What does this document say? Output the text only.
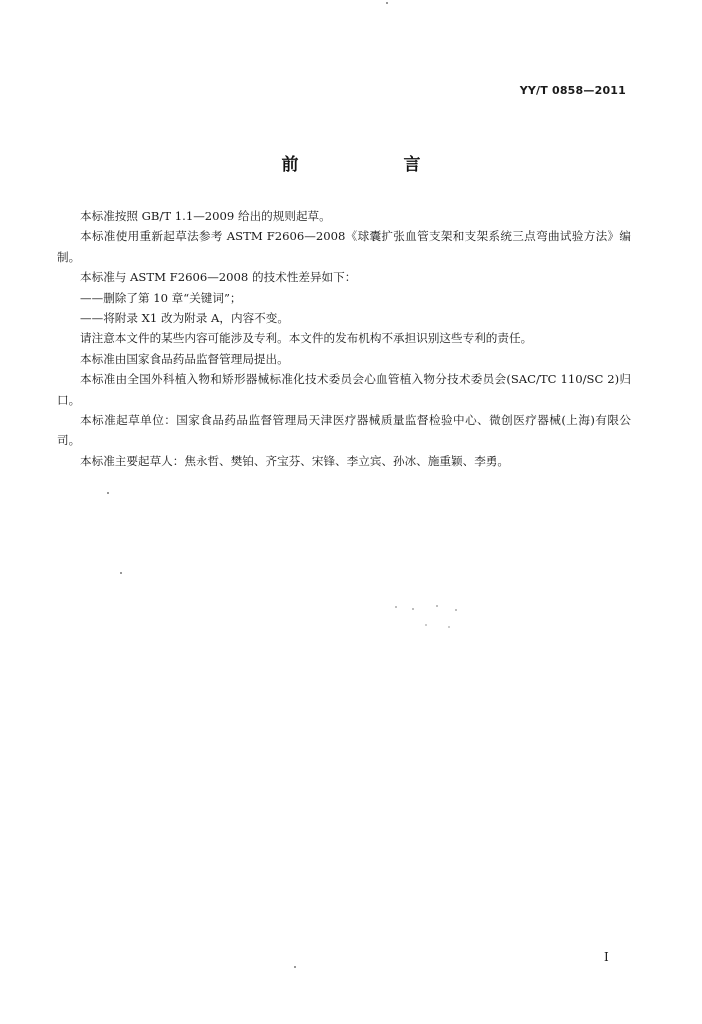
YY/T 0858—2011
前　言

本标准按照 GB/T 1.1—2009 给出的规则起草。

本标准使用重新起草法参考 ASTM F2606—2008《球囊扩张血管支架和支架系统三点弯曲试验方法》编制。

本标准与 ASTM F2606—2008 的技术性差异如下：

——删除了第 10 章“关键词”；

——将附录 X1 改为附录 A，内容不变。

请注意本文件的某些内容可能涉及专利。本文件的发布机构不承担识别这些专利的责任。

本标准由国家食品药品监督管理局提出。

本标准由全国外科植入物和矫形器械标准化技术委员会心血管植入物分技术委员会(SAC/TC 110/SC 2)归口。

本标准起草单位：国家食品药品监督管理局天津医疗器械质量监督检验中心、微创医疗器械(上海)有限公司。

本标准主要起草人：焦永哲、樊铂、齐宝芬、宋锋、李立宾、孙冰、施重颖、李勇。

I
